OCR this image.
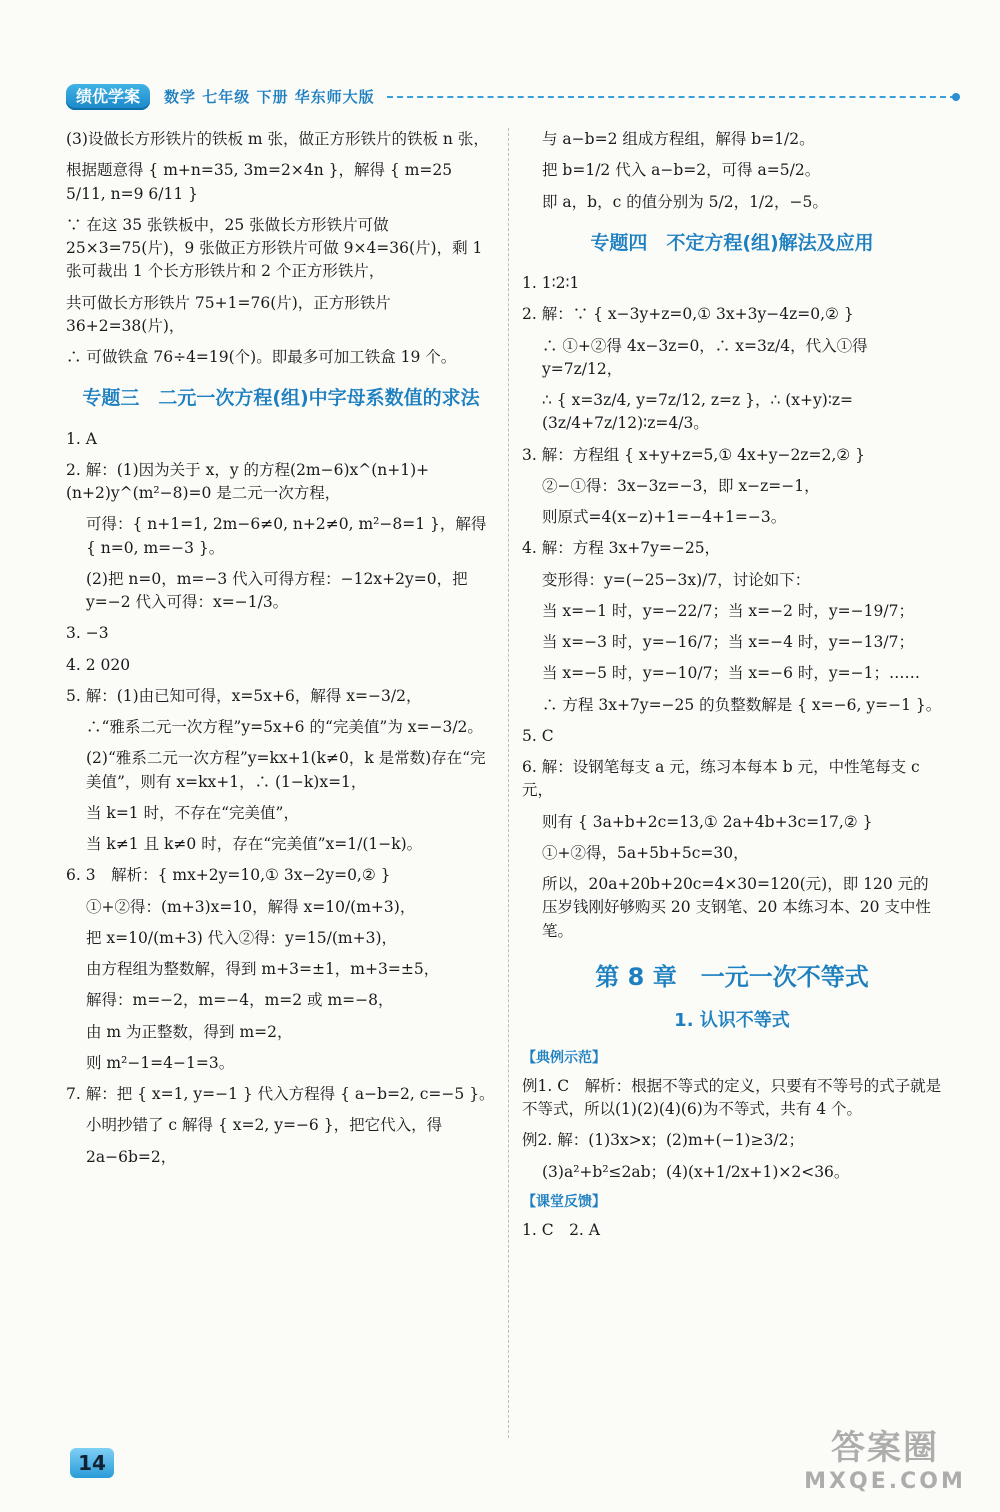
绩优学案	数学 七年级 下册 华东师大版
(3)设做长方形铁片的铁板 m 张，做正方形铁片的铁板 n 张，
根据题意得 { m+n=35, 3m=2×4n }，解得 { m=25 5/11, n=9 6/11 }
∵ 在这 35 张铁板中，25 张做长方形铁片可做 25×3=75(片)，9 张做正方形铁片可做 9×4=36(片)，剩 1 张可裁出 1 个长方形铁片和 2 个正方形铁片，
共可做长方形铁片 75+1=76(片)，正方形铁片 36+2=38(片)，
∴ 可做铁盒 76÷4=19(个)。即最多可加工铁盒 19 个。
专题三　二元一次方程(组)中字母系数值的求法
1. A
2. 解：(1)因为关于 x，y 的方程(2m−6)x^(n+1)+(n+2)y^(m²−8)=0 是二元一次方程，
可得：{ n+1=1, 2m−6≠0, n+2≠0, m²−8=1 }，解得 { n=0, m=−3 }。
(2)把 n=0，m=−3 代入可得方程：−12x+2y=0，把 y=−2 代入可得：x=−1/3。
3. −3
4. 2 020
5. 解：(1)由已知可得，x=5x+6，解得 x=−3/2，
∴“雅系二元一次方程”y=5x+6 的“完美值”为 x=−3/2。
(2)“雅系二元一次方程”y=kx+1(k≠0，k 是常数)存在“完美值”，则有 x=kx+1，∴ (1−k)x=1，
当 k=1 时，不存在“完美值”，
当 k≠1 且 k≠0 时，存在“完美值”x=1/(1−k)。
6. 3　解析：{ mx+2y=10,① 3x−2y=0,② }
①+②得：(m+3)x=10，解得 x=10/(m+3)，
把 x=10/(m+3) 代入②得：y=15/(m+3)，
由方程组为整数解，得到 m+3=±1，m+3=±5，
解得：m=−2，m=−4，m=2 或 m=−8，
由 m 为正整数，得到 m=2，
则 m²−1=4−1=3。
7. 解：把 { x=1, y=−1 } 代入方程得 { a−b=2, c=−5 }。
小明抄错了 c 解得 { x=2, y=−6 }，把它代入，得
2a−6b=2，
与 a−b=2 组成方程组，解得 b=1/2。
把 b=1/2 代入 a−b=2，可得 a=5/2。
即 a，b，c 的值分别为 5/2，1/2，−5。
专题四　不定方程(组)解法及应用
1. 1∶2∶1
2. 解：∵ { x−3y+z=0,① 3x+3y−4z=0,② }
∴ ①+②得 4x−3z=0，∴ x=3z/4，代入①得 y=7z/12，
∴ { x=3z/4, y=7z/12, z=z }，∴ (x+y)∶z=(3z/4+7z/12)∶z=4/3。
3. 解：方程组 { x+y+z=5,① 4x+y−2z=2,② }
②−①得：3x−3z=−3，即 x−z=−1，
则原式=4(x−z)+1=−4+1=−3。
4. 解：方程 3x+7y=−25，
变形得：y=(−25−3x)/7，讨论如下：
当 x=−1 时，y=−22/7；当 x=−2 时，y=−19/7；
当 x=−3 时，y=−16/7；当 x=−4 时，y=−13/7；
当 x=−5 时，y=−10/7；当 x=−6 时，y=−1；……
∴ 方程 3x+7y=−25 的负整数解是 { x=−6, y=−1 }。
5. C
6. 解：设钢笔每支 a 元，练习本每本 b 元，中性笔每支 c 元，
则有 { 3a+b+2c=13,① 2a+4b+3c=17,② }
①+②得，5a+5b+5c=30，
所以，20a+20b+20c=4×30=120(元)，即 120 元的压岁钱刚好够购买 20 支钢笔、20 本练习本、20 支中性笔。
第 8 章　一元一次不等式
1. 认识不等式
【典例示范】
例1. C　解析：根据不等式的定义，只要有不等号的式子就是不等式，所以(1)(2)(4)(6)为不等式，共有 4 个。
例2. 解：(1)3x>x；(2)m+(−1)≥3/2；
(3)a²+b²≤2ab；(4)(x+1/2x+1)×2<36。
【课堂反馈】
1. C　2. A
14	答案圈
MXQE.COM
